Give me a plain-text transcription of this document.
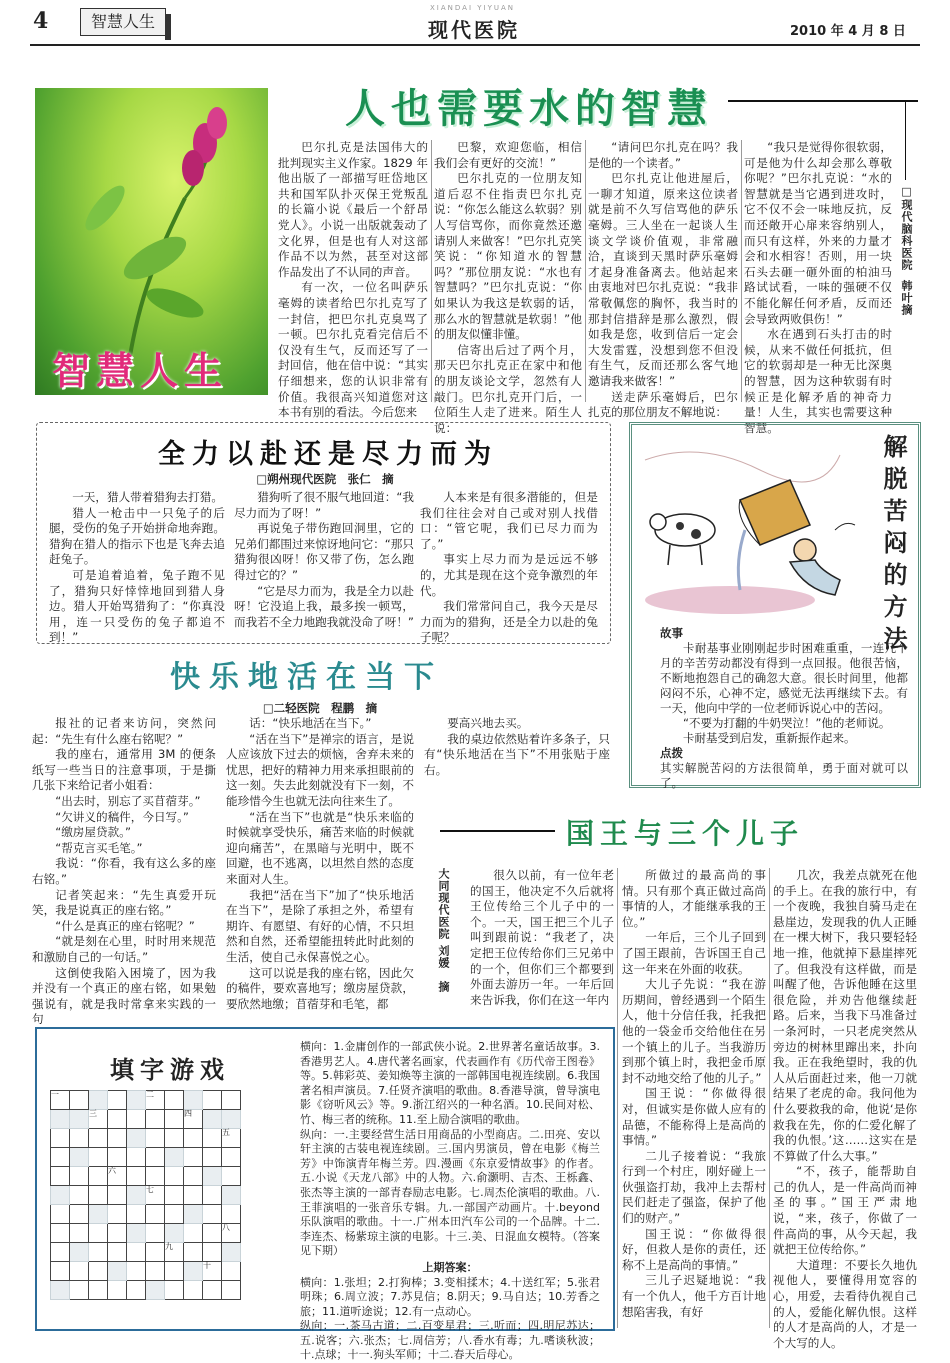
4	智慧人生
XIANDAI YIYUAN
现代医院	2010 年 4 月 8 日
智慧人生
人也需要水的智慧

巴尔扎克是法国伟大的批判现实主义作家。1829 年他出版了一部描写旺岱地区共和国军队扑灭保王党叛乱的长篇小说《最后一个舒昂党人》。小说一出版就轰动了文化界，但是也有人对这部作品不以为然，甚至对这部作品发出了不认同的声音。

有一次，一位名叫萨乐毫姆的读者给巴尔扎克写了一封信，把巴尔扎克臭骂了一顿。巴尔扎克看完信后不仅没有生气，反而还写了一封回信，他在信中说：“其实仔细想来，您的认识非常有价值。我很高兴知道您对这本书有别的看法。今后您来

巴黎，欢迎您临，相信我们会有更好的交流！”

巴尔扎克的一位朋友知道后忍不住指责巴尔扎克说：“你怎么能这么软弱？别人写信骂你，而你竟然还邀请别人来做客！”巴尔扎克笑笑说：“你知道水的智慧吗？”那位朋友说：“水也有智慧吗？”巴尔扎克说：“你如果认为我这是软弱的话，那么水的智慧就是软弱！”他的朋友似懂非懂。

信寄出后过了两个月，那天巴尔扎克正在家中和他的朋友谈论文学，忽然有人敲门。巴尔扎克开门后，一位陌生人走了进来。陌生人说：

“请问巴尔扎克在吗？我是他的一个读者。”

巴尔扎克让他进屋后，一聊才知道，原来这位读者就是前不久写信骂他的萨乐毫姆。三人坐在一起谈人生谈文学谈价值观，非常融洽，直谈到天黑时萨乐毫姆才起身准备离去。他站起来由衷地对巴尔扎克说：“我非常敬佩您的胸怀，我当时的那封信措辞是那么激烈，假如我是您，收到信后一定会大发雷霆，没想到您不但没有生气，反而还那么客气地邀请我来做客！”

送走萨乐毫姆后，巴尔扎克的那位朋友不解地说：

“我只是觉得你很软弱，可是他为什么却会那么尊敬你呢？”巴尔扎克说：“水的智慧就是当它遇到进攻时，它不仅不会一味地反抗，反而还敞开心扉来容纳别人，而只有这样，外来的力量才会和水相容！否则，用一块石头去砸一砸外面的柏油马路试试看，一味的强硬不仅不能化解任何矛盾，反而还会导致两败俱伤！”

水在遇到石头打击的时候，从来不做任何抵抗，但它的软弱却是一种无比深奥的智慧，因为这种软弱有时候正是化解矛盾的神奇力量！人生，其实也需要这种智慧。

□现代脑科医院
韩叶摘
全力以赴还是尽力而为
□朔州现代医院　张仁　摘

一天，猎人带着猎狗去打猎。

猎人一枪击中一只兔子的后腿，受伤的兔子开始拼命地奔跑。猎狗在猎人的指示下也是飞奔去追赶兔子。

可是追着追着，兔子跑不见了，猎狗只好悻悻地回到猎人身边。猎人开始骂猎狗了：“你真没用，连一只受伤的兔子都追不到！”

猎狗听了很不服气地回道：“我尽力而为了呀！”

再说兔子带伤跑回洞里，它的兄弟们都围过来惊讶地问它：“那只猎狗很凶呀！你又带了伤，怎么跑得过它的？”

“它是尽力而为，我是全力以赴呀！它没追上我，最多挨一顿骂，而我若不全力地跑我就没命了呀！”

人本来是有很多潜能的，但是我们往往会对自己或对别人找借口：“管它呢，我们已尽力而为了。”

事实上尽力而为是远远不够的，尤其是现在这个竞争激烈的年代。

我们常常问自己，我今天是尽力而为的猎狗，还是全力以赴的兔子呢？	解脱苦闷的方法
故事

卡耐基事业刚刚起步时困难重重，一连几个月的辛苦劳动都没有得到一点回报。他很苦恼，不断地抱怨自己的确忽大意。很长时间里，他都闷闷不乐，心神不定，感觉无法再继续下去。有一天，他向中学的一位老师诉说心中的苦闷。

“不要为打翻的牛奶哭泣！”他的老师说。

卡耐基受到启发，重新振作起来。

点拨
其实解脱苦闷的方法很简单，勇于面对就可以了。
快乐地活在当下
□二轻医院　程鹏　摘

报社的记者来访问，突然问起：“先生有什么座右铭呢？”

我的座右，通常用 3M 的便条纸写一些当日的注意事项，于是撕几张下来给记者小姐看：

“出去时，别忘了买苜蓿芽。”

“欠讲义的稿件，今日写。”

“缴房屋贷款。”

“帮克言买毛笔。”

我说：“你看，我有这么多的座右铭。”

记者笑起来：“先生真爱开玩笑，我是说真正的座右铭。”

“什么是真正的座右铭呢？”

“就是刻在心里，时时用来规范和激励自己的一句话。”

这倒使我陷入困境了，因为我并没有一个真正的座右铭，如果勉强说有，就是我时常拿来实践的一句

话：“快乐地活在当下。”

“活在当下”是禅宗的语言，是说人应该放下过去的烦恼，舍弃未来的忧思，把好的精神力用来承担眼前的这一刻。失去此刻就没有下一刻，不能珍惜今生也就无法向往来生了。

“活在当下”也就是“快乐来临的时候就享受快乐，痛苦来临的时候就迎向痛苦”，在黑暗与光明中，既不回避，也不逃离，以坦然自然的态度来面对人生。

我把“活在当下”加了“快乐地活在当下”，是除了承担之外，希望有期许、有愿望、有好的心情，不只坦然和自然，还希望能扭转此时此刻的生活，使自己永保喜悦之心。

这可以说是我的座右铭，因此欠的稿件，要欢喜地写；缴房屋贷款，要欣然地缴；苜蓿芽和毛笔，都

要高兴地去买。

我的桌边依然贴着许多条子，只有“快乐地活在当下”不用张贴于座右。

国王与三个儿子
大同现代医院
刘媛　摘

很久以前，有一位年老的国王，他决定不久后就将王位传给三个儿子中的一个。一天，国王把三个儿子叫到跟前说：“我老了，决定把王位传给你们三兄弟中的一个，但你们三个都要到外面去游历一年。一年后回来告诉我，你们在这一年内

所做过的最高尚的事情。只有那个真正做过高尚事情的人，才能继承我的王位。”

一年后，三个儿子回到了国王跟前，告诉国王自己这一年来在外面的收获。

大儿子先说：“我在游历期间，曾经遇到一个陌生人，他十分信任我，托我把他的一袋金币交给他住在另一个镇上的儿子。当我游历到那个镇上时，我把金币原封不动地交给了他的儿子。”

国王说：“你做得很对，但诚实是你做人应有的品德，不能称得上是高尚的事情。”

二儿子接着说：“我旅行到一个村庄，刚好碰上一伙强盗打劫，我冲上去帮村民们赶走了强盗，保护了他们的财产。”

国王说：“你做得很好，但救人是你的责任，还称不上是高尚的事情。”

三儿子迟疑地说：“我有一个仇人，他千方百计地想陷害我，有好

几次，我差点就死在他的手上。在我的旅行中，有一个夜晚，我独自骑马走在悬崖边，发现我的仇人正睡在一棵大树下，我只要轻轻地一推，他就掉下悬崖摔死了。但我没有这样做，而是叫醒了他，告诉他睡在这里很危险，并劝告他继续赶路。后来，当我下马准备过一条河时，一只老虎突然从旁边的树林里蹿出来，扑向我。正在我绝望时，我的仇人从后面赶过来，他一刀就结果了老虎的命。我问他为什么要救我的命，他说‘是你救我在先，你的仁爱化解了我的仇恨。’这……这实在是不算做了什么大事。”

“不，孩子，能帮助自己的仇人，是一件高尚而神圣的事。”国王严肃地说，“来，孩子，你做了一件高尚的事，从今天起，我就把王位传给你。”

大道理：不要长久地仇视他人，要懂得用宽容的心，用爱，去看待仇视自己的人，爱能化解仇恨。这样的人才是高尚的人，才是一个大写的人。

填字游戏
一					二				
		三					四		
									五

			六						
					七				

									八
						九			
								十	

横向：1.金庸创作的一部武侠小说。2.世界著名童话故事。3.香港男艺人。4.唐代著名画家，代表画作有《历代帝王图卷》等。5.韩彩英、姜知焕等主演的一部韩国电视连续剧。6.我国著名相声演员。7.任贤齐演唱的歌曲。8.香港导演，曾导演电影《窃听风云》等。9.浙江绍兴的一种名酒。10.民间对松、竹、梅三者的统称。11.至上励合演唱的歌曲。

纵向：一.主要经营生活日用商品的小型商店。二.田亮、安以轩主演的古装电视连续剧。三.国内男演员，曾在电影《梅兰芳》中饰演青年梅兰芳。四.漫画《东京爱情故事》的作者。五.小说《天龙八部》中的人物。六.俞灏明、吉杰、王栎鑫、张杰等主演的一部青春励志电影。七.周杰伦演唱的歌曲。八.王菲演唱的一张音乐专辑。九.一部国产动画片。十.beyond 乐队演唱的歌曲。十一.广州本田汽车公司的一个品牌。十二.李连杰、杨紫琼主演的电影。十三.美、日混血女模特。（答案见下期）

上期答案：

横向：1.张坦；2.打狗棒；3.变相揉木；4.十送红军；5.张君明珠；6.周立波；7.苏見信；8.阴天；9.马自达；10.芳香之旅；11.道听途说；12.有一点动心。

纵向：一.茶马古道；二.百变星君；三.听而；四.明尼苏达；五.说客；六.张杰；七.周信芳；八.香水有毒；九.嗜谈秋波；十.点球；十一.狗头军师；十二.春天后母心。
